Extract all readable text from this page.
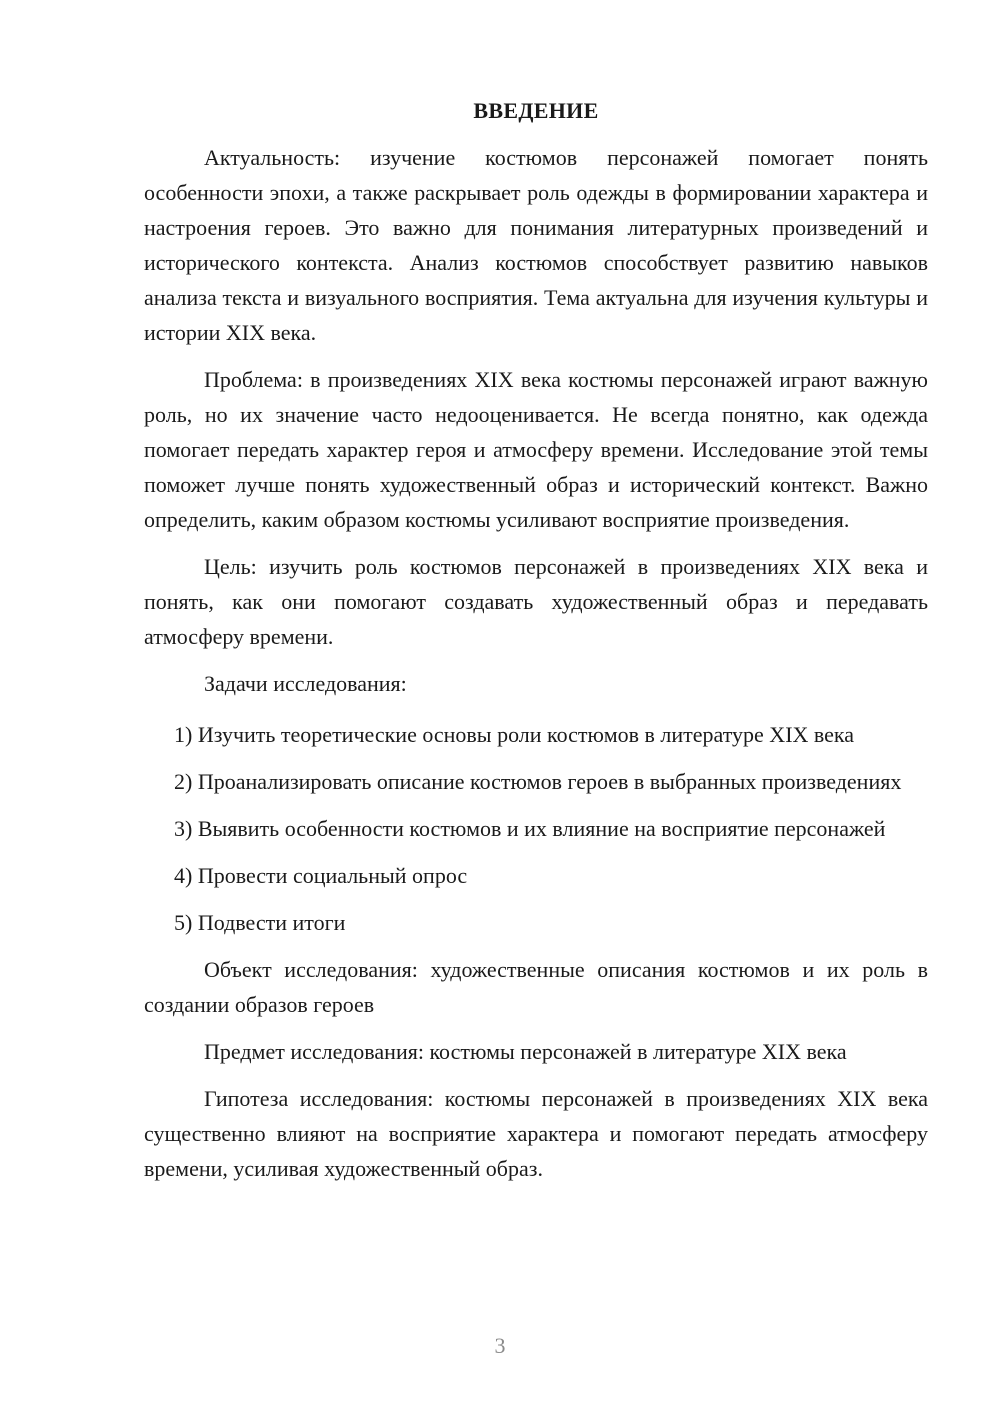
ВВЕДЕНИЕ

Актуальность: изучение костюмов персонажей помогает понять особенности эпохи, а также раскрывает роль одежды в формировании характера и настроения героев. Это важно для понимания литературных произведений и исторического контекста. Анализ костюмов способствует развитию навыков анализа текста и визуального восприятия. Тема актуальна для изучения культуры и истории XIX века.

Проблема: в произведениях XIX века костюмы персонажей играют важную роль, но их значение часто недооценивается. Не всегда понятно, как одежда помогает передать характер героя и атмосферу времени. Исследование этой темы поможет лучше понять художественный образ и исторический контекст. Важно определить, каким образом костюмы усиливают восприятие произведения.

Цель: изучить роль костюмов персонажей в произведениях XIX века и понять, как они помогают создавать художественный образ и передавать атмосферу времени.

Задачи исследования:

1) Изучить теоретические основы роли костюмов в литературе XIX века

2) Проанализировать описание костюмов героев в выбранных произведениях

3) Выявить особенности костюмов и их влияние на восприятие персонажей

4) Провести социальный опрос

5) Подвести итоги

Объект исследования: художественные описания костюмов и их роль в создании образов героев

Предмет исследования: костюмы персонажей в литературе XIX века

Гипотеза исследования: костюмы персонажей в произведениях XIX века существенно влияют на восприятие характера и помогают передать атмосферу времени, усиливая художественный образ.

3
